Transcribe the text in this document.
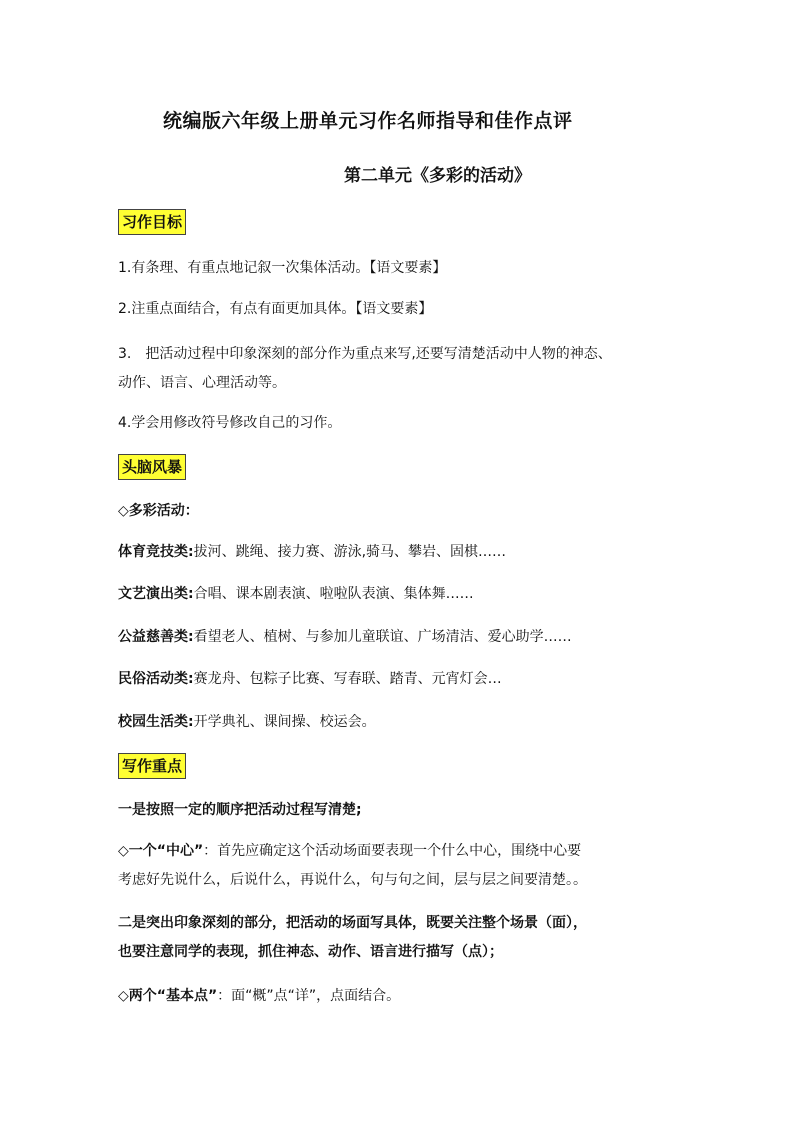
统编版六年级上册单元习作名师指导和佳作点评
第二单元《多彩的活动》
习作目标
1.有条理、有重点地记叙一次集体活动。【语文要素】
2.注重点面结合，有点有面更加具体。【语文要素】
3.　把活动过程中印象深刻的部分作为重点来写,还要写清楚活动中人物的神态、
动作、语言、心理活动等。
4.学会用修改符号修改自己的习作。
头脑风暴
◇多彩活动：
体育竞技类:拔河、跳绳、接力赛、游泳,骑马、攀岩、固棋……
文艺演出类:合唱、课本剧表演、啦啦队表演、集体舞……
公益慈善类:看望老人、植树、与参加儿童联谊、广场清洁、爱心助学……
民俗活动类:赛龙舟、包粽子比赛、写春联、踏青、元宵灯会…
校园生活类:开学典礼、课间操、校运会。
写作重点
一是按照一定的顺序把活动过程写清楚;
◇一个“中心”：首先应确定这个活动场面要表现一个什么中心，围绕中心要
考虑好先说什么，后说什么，再说什么，句与句之间，层与层之间要清楚。。
二是突出印象深刻的部分，把活动的场面写具体，既要关注整个场景（面），
也要注意同学的表现，抓住神态、动作、语言进行描写（点）；
◇两个“基本点”：面“概”点“详”，点面结合。
